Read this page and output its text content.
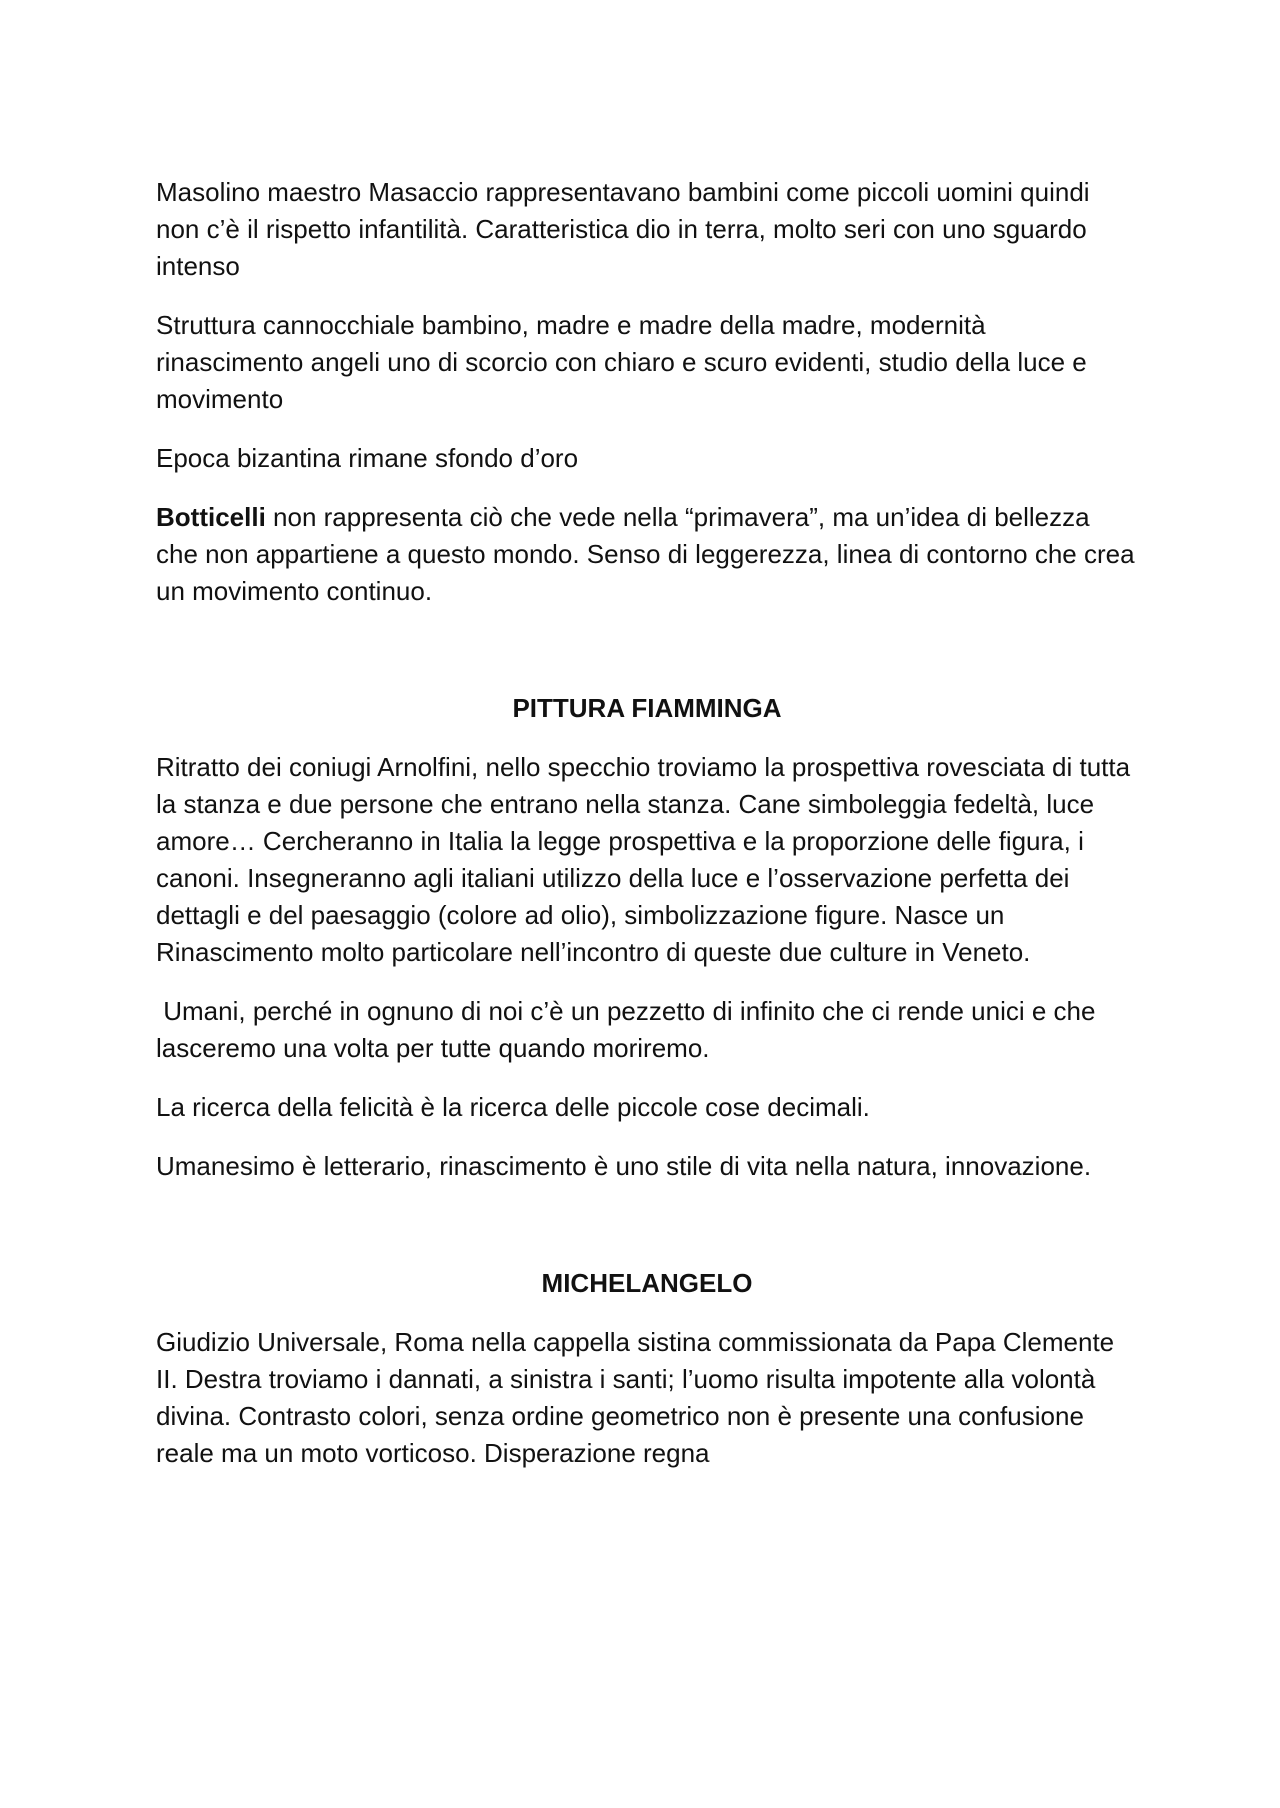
Masolino maestro Masaccio rappresentavano bambini come piccoli uomini quindi non c’è il rispetto infantilità. Caratteristica dio in terra, molto seri con uno sguardo intenso

Struttura cannocchiale bambino, madre e madre della madre, modernità rinascimento angeli uno di scorcio con chiaro e scuro evidenti, studio della luce e movimento

Epoca bizantina rimane sfondo d’oro

Botticelli non rappresenta ciò che vede nella “primavera”, ma un’idea di bellezza che non appartiene a questo mondo. Senso di leggerezza, linea di contorno che crea un movimento continuo.

PITTURA FIAMMINGA

Ritratto dei coniugi Arnolfini, nello specchio troviamo la prospettiva rovesciata di tutta la stanza e due persone che entrano nella stanza. Cane simboleggia fedeltà, luce amore… Cercheranno in Italia la legge prospettiva e la proporzione delle figura, i canoni. Insegneranno agli italiani utilizzo della luce e l’osservazione perfetta dei dettagli e del paesaggio (colore ad olio), simbolizzazione figure. Nasce un Rinascimento molto particolare nell’incontro di queste due culture in Veneto.

Umani, perché in ognuno di noi c’è un pezzetto di infinito che ci rende unici e che lasceremo una volta per tutte quando moriremo.

La ricerca della felicità è la ricerca delle piccole cose decimali.

Umanesimo è letterario, rinascimento è uno stile di vita nella natura, innovazione.

MICHELANGELO

Giudizio Universale, Roma nella cappella sistina commissionata da Papa Clemente II. Destra troviamo i dannati, a sinistra i santi; l’uomo risulta impotente alla volontà divina. Contrasto colori, senza ordine geometrico non è presente una confusione reale ma un moto vorticoso. Disperazione regna
